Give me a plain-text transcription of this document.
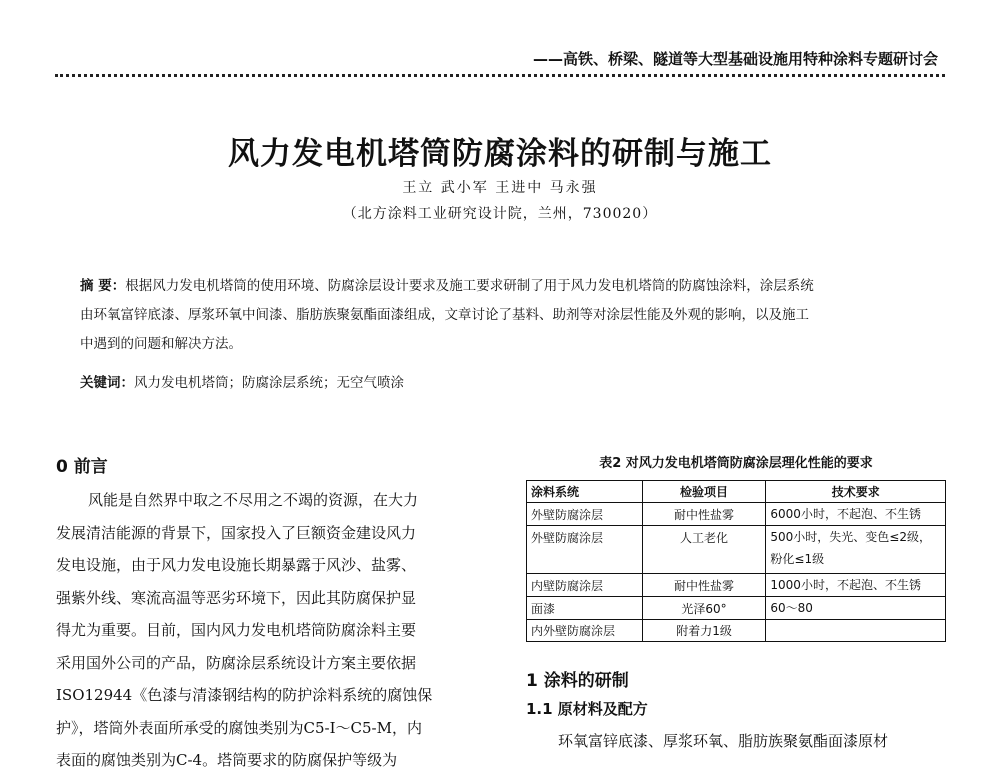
——高铁、桥梁、隧道等大型基础设施用特种涂料专题研讨会
风力发电机塔筒防腐涂料的研制与施工
王立 武小军 王进中 马永强
（北方涂料工业研究设计院，兰州，730020）
摘 要：根据风力发电机塔筒的使用环境、防腐涂层设计要求及施工要求研制了用于风力发电机塔筒的防腐蚀涂料，涂层系统
由环氧富锌底漆、厚浆环氧中间漆、脂肪族聚氨酯面漆组成，文章讨论了基料、助剂等对涂层性能及外观的影响，以及施工
中遇到的问题和解决方法。
关键词：风力发电机塔筒；防腐涂层系统；无空气喷涂
0 前言
风能是自然界中取之不尽用之不竭的资源，在大力
发展清洁能源的背景下，国家投入了巨额资金建设风力
发电设施，由于风力发电设施长期暴露于风沙、盐雾、
强紫外线、寒流高温等恶劣环境下，因此其防腐保护显
得尤为重要。目前，国内风力发电机塔筒防腐涂料主要
采用国外公司的产品，防腐涂层系统设计方案主要依据
ISO12944《色漆与清漆钢结构的防护涂料系统的腐蚀保
护》，塔筒外表面所承受的腐蚀类别为C5-I～C5-M，内
表面的腐蚀类别为C-4。塔筒要求的防腐保护等级为
表2 对风力发电机塔筒防腐涂层理化性能的要求
涂料系统	检验项目	技术要求
外壁防腐涂层	耐中性盐雾	6000小时，不起泡、不生锈
外壁防腐涂层	人工老化	500小时，失光、变色≤2级，粉化≤1级
内壁防腐涂层	耐中性盐雾	1000小时，不起泡、不生锈
面漆	光泽60°	60～80
内外壁防腐涂层	附着力1级	
1 涂料的研制
1.1 原材料及配方
环氧富锌底漆、厚浆环氧、脂肪族聚氨酯面漆原材
